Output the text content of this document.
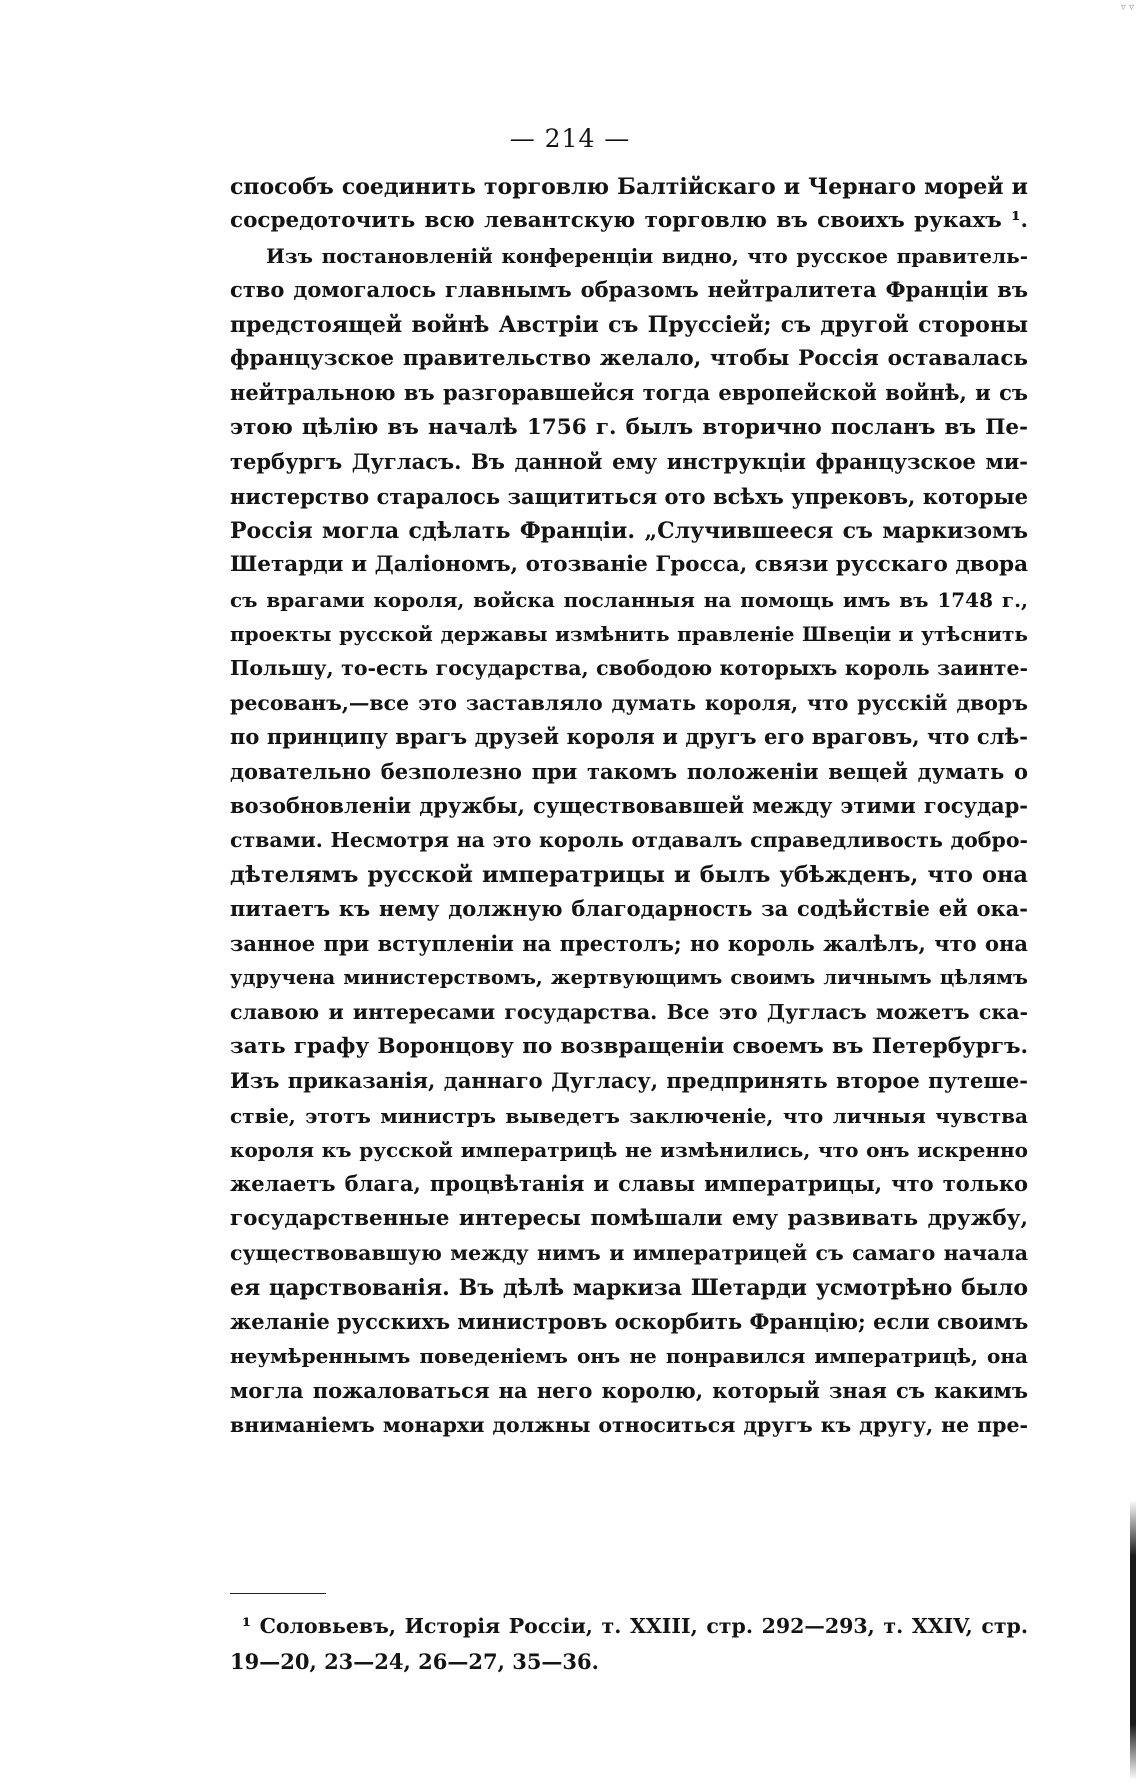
▿ ▿
— 214 —
способъ соединить торговлю Балтійскаго и Чернаго морей и
сосредоточить всю левантскую торговлю въ своихъ рукахъ ¹.
Изъ постановленій конференціи видно, что русское правитель-
ство домогалось главнымъ образомъ нейтралитета Франціи въ
предстоящей войнѣ Австріи съ Пруссіей; съ другой стороны
французское правительство желало, чтобы Россія оставалась
нейтральною въ разгоравшейся тогда европейской войнѣ, и съ
этою цѣлію въ началѣ 1756 г. былъ вторично посланъ въ Пе-
тербургъ Дугласъ. Въ данной ему инструкціи французское ми-
нистерство старалось защититься ото всѣхъ упрековъ, которые
Россія могла сдѣлать Франціи. „Случившееся съ маркизомъ
Шетарди и Даліономъ, отозваніе Гросса, связи русскаго двора
съ врагами короля, войска посланныя на помощь имъ въ 1748 г.,
проекты русской державы измѣнить правленіе Швеціи и утѣснить
Польшу, то-есть государства, свободою которыхъ король заинте-
ресованъ,—все это заставляло думать короля, что русскій дворъ
по принципу врагъ друзей короля и другъ его враговъ, что слѣ-
довательно безполезно при такомъ положеніи вещей думать о
возобновленіи дружбы, существовавшей между этими государ-
ствами. Несмотря на это король отдавалъ справедливость добро-
дѣтелямъ русской императрицы и былъ убѣжденъ, что она
питаетъ къ нему должную благодарность за содѣйствіе ей ока-
занное при вступленіи на престолъ; но король жалѣлъ, что она
удручена министерствомъ, жертвующимъ своимъ личнымъ цѣлямъ
славою и интересами государства. Все это Дугласъ можетъ ска-
зать графу Воронцову по возвращеніи своемъ въ Петербургъ.
Изъ приказанія, даннаго Дугласу, предпринять второе путеше-
ствіе, этотъ министръ выведетъ заключеніе, что личныя чувства
короля къ русской императрицѣ не измѣнились, что онъ искренно
желаетъ блага, процвѣтанія и славы императрицы, что только
государственные интересы помѣшали ему развивать дружбу,
существовавшую между нимъ и императрицей съ самаго начала
ея царствованія. Въ дѣлѣ маркиза Шетарди усмотрѣно было
желаніе русскихъ министровъ оскорбить Францію; если своимъ
неумѣреннымъ поведеніемъ онъ не понравился императрицѣ, она
могла пожаловаться на него королю, который зная съ какимъ
вниманіемъ монархи должны относиться другъ къ другу, не пре-
¹ Соловьевъ, Исторія Россіи, т. XXIII, стр. 292—293, т. XXIV, стр.
19—20, 23—24, 26—27, 35—36.
